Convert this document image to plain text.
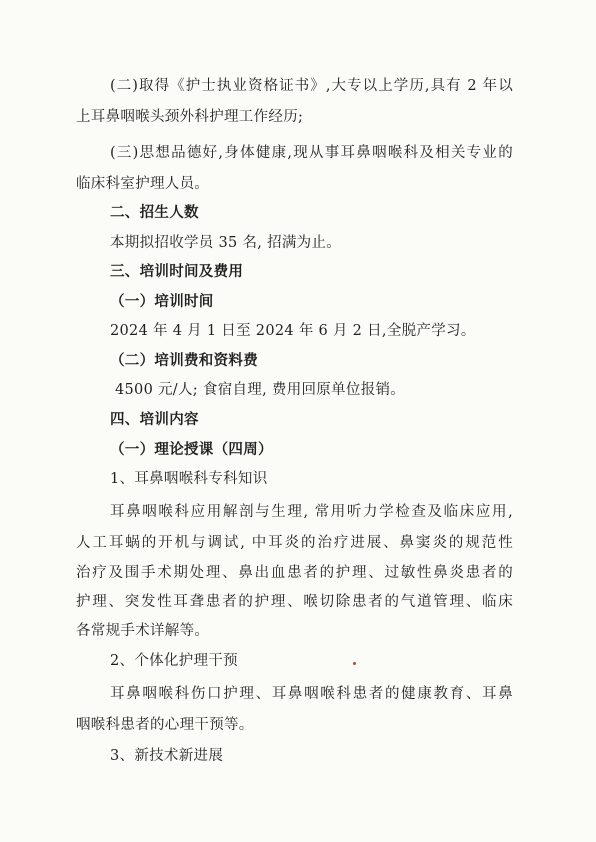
(二)取得《护士执业资格证书》,大专以上学历,具有 2 年以
上耳鼻咽喉头颈外科护理工作经历;
(三)思想品德好,身体健康,现从事耳鼻咽喉科及相关专业的
临床科室护理人员。
二、招生人数
本期拟招收学员 35 名, 招满为止。
三、培训时间及费用
（一）培训时间
2024 年 4 月 1 日至 2024 年 6 月 2 日,全脱产学习。
（二）培训费和资料费
4500 元/人; 食宿自理, 费用回原单位报销。
四、培训内容
（一）理论授课（四周）
1、耳鼻咽喉科专科知识
耳鼻咽喉科应用解剖与生理, 常用听力学检查及临床应用,
人工耳蜗的开机与调试, 中耳炎的治疗进展、鼻窦炎的规范性
治疗及围手术期处理、鼻出血患者的护理、过敏性鼻炎患者的
护理、突发性耳聋患者的护理、喉切除患者的气道管理、临床
各常规手术详解等。
2、个体化护理干预
耳鼻咽喉科伤口护理、耳鼻咽喉科患者的健康教育、耳鼻
咽喉科患者的心理干预等。
3、新技术新进展
